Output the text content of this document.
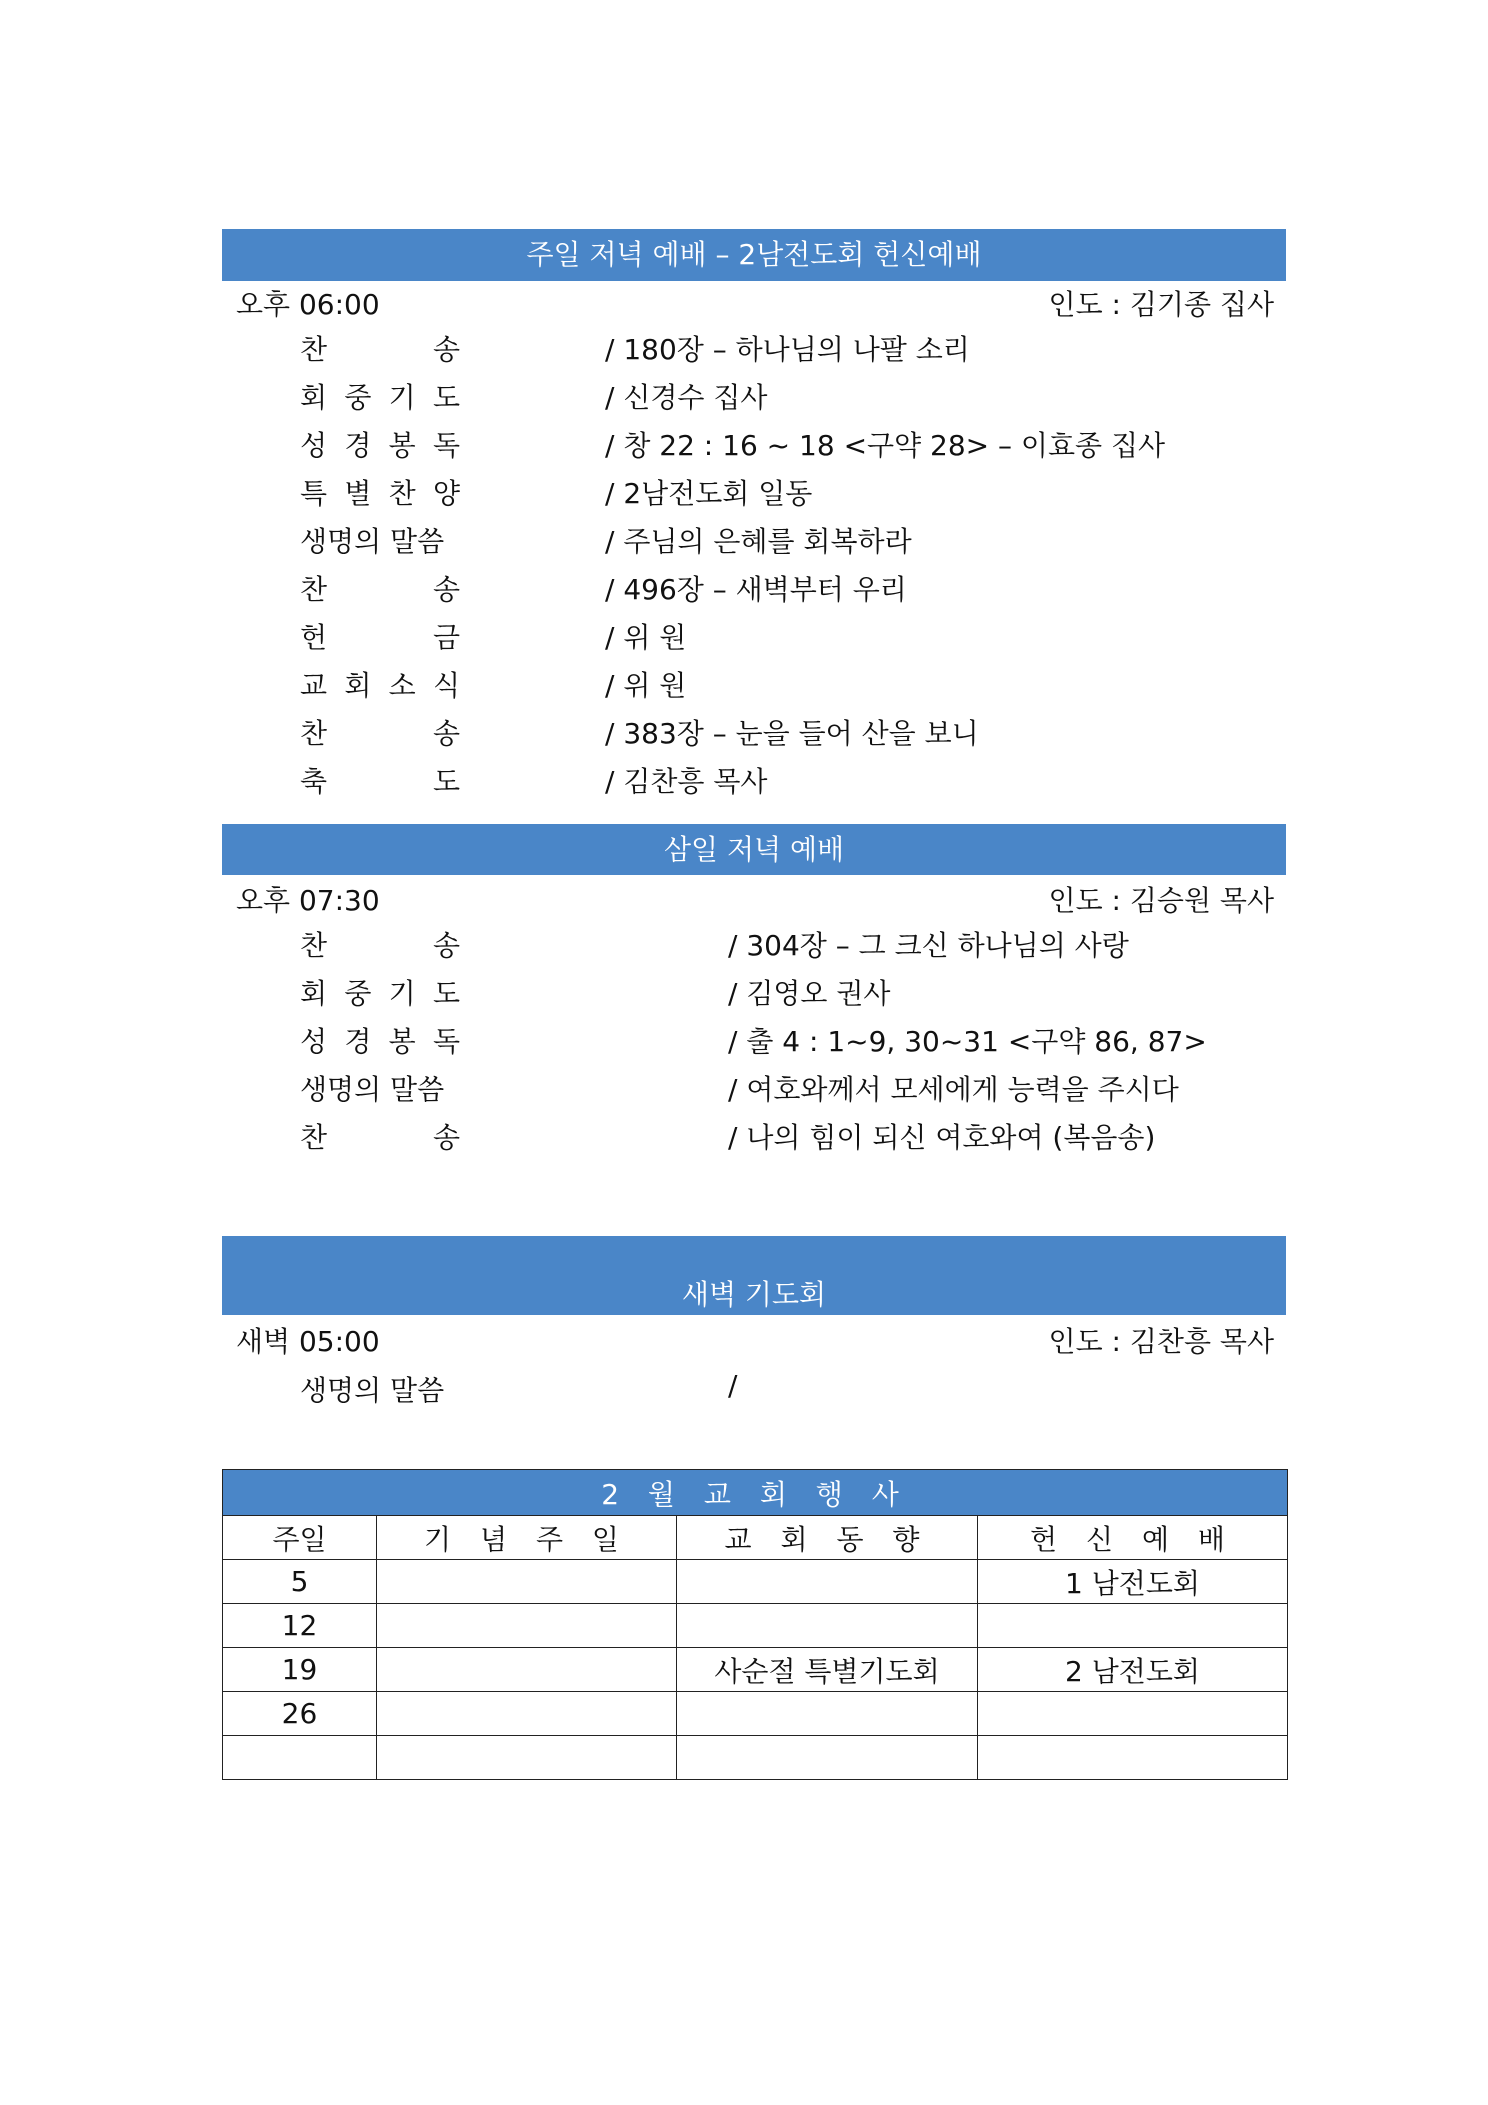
주일 저녁 예배 – 2남전도회 헌신예배
오후 06:00	인도 : 김기종 집사
찬	송	/ 180장 – 하나님의 나팔 소리
회 중 기 도	/ 신경수 집사
성 경 봉 독	/ 창 22 : 16 ~ 18 <구약 28> – 이효종 집사
특 별 찬 양	/ 2남전도회 일동
생명의 말씀	/ 주님의 은혜를 회복하라
찬	송	/ 496장 – 새벽부터 우리
헌	금	/ 위 원
교 회 소 식	/ 위 원
찬	송	/ 383장 – 눈을 들어 산을 보니
축	도	/ 김찬흥 목사
삼일 저녁 예배
오후 07:30	인도 : 김승원 목사
찬	송	/ 304장 – 그 크신 하나님의 사랑
회 중 기 도	/ 김영오 권사
성 경 봉 독	/ 출 4 : 1~9, 30~31 <구약 86, 87>
생명의 말씀	/ 여호와께서 모세에게 능력을 주시다
찬	송	/ 나의 힘이 되신 여호와여 (복음송)
새벽 기도회
새벽 05:00	인도 : 김찬흥 목사
생명의 말씀	/
2 월 교 회 행 사			
주일	기 념 주 일	교 회 동 향	헌 신 예 배
5			1 남전도회
12			
19		사순절 특별기도회	2 남전도회
26			
